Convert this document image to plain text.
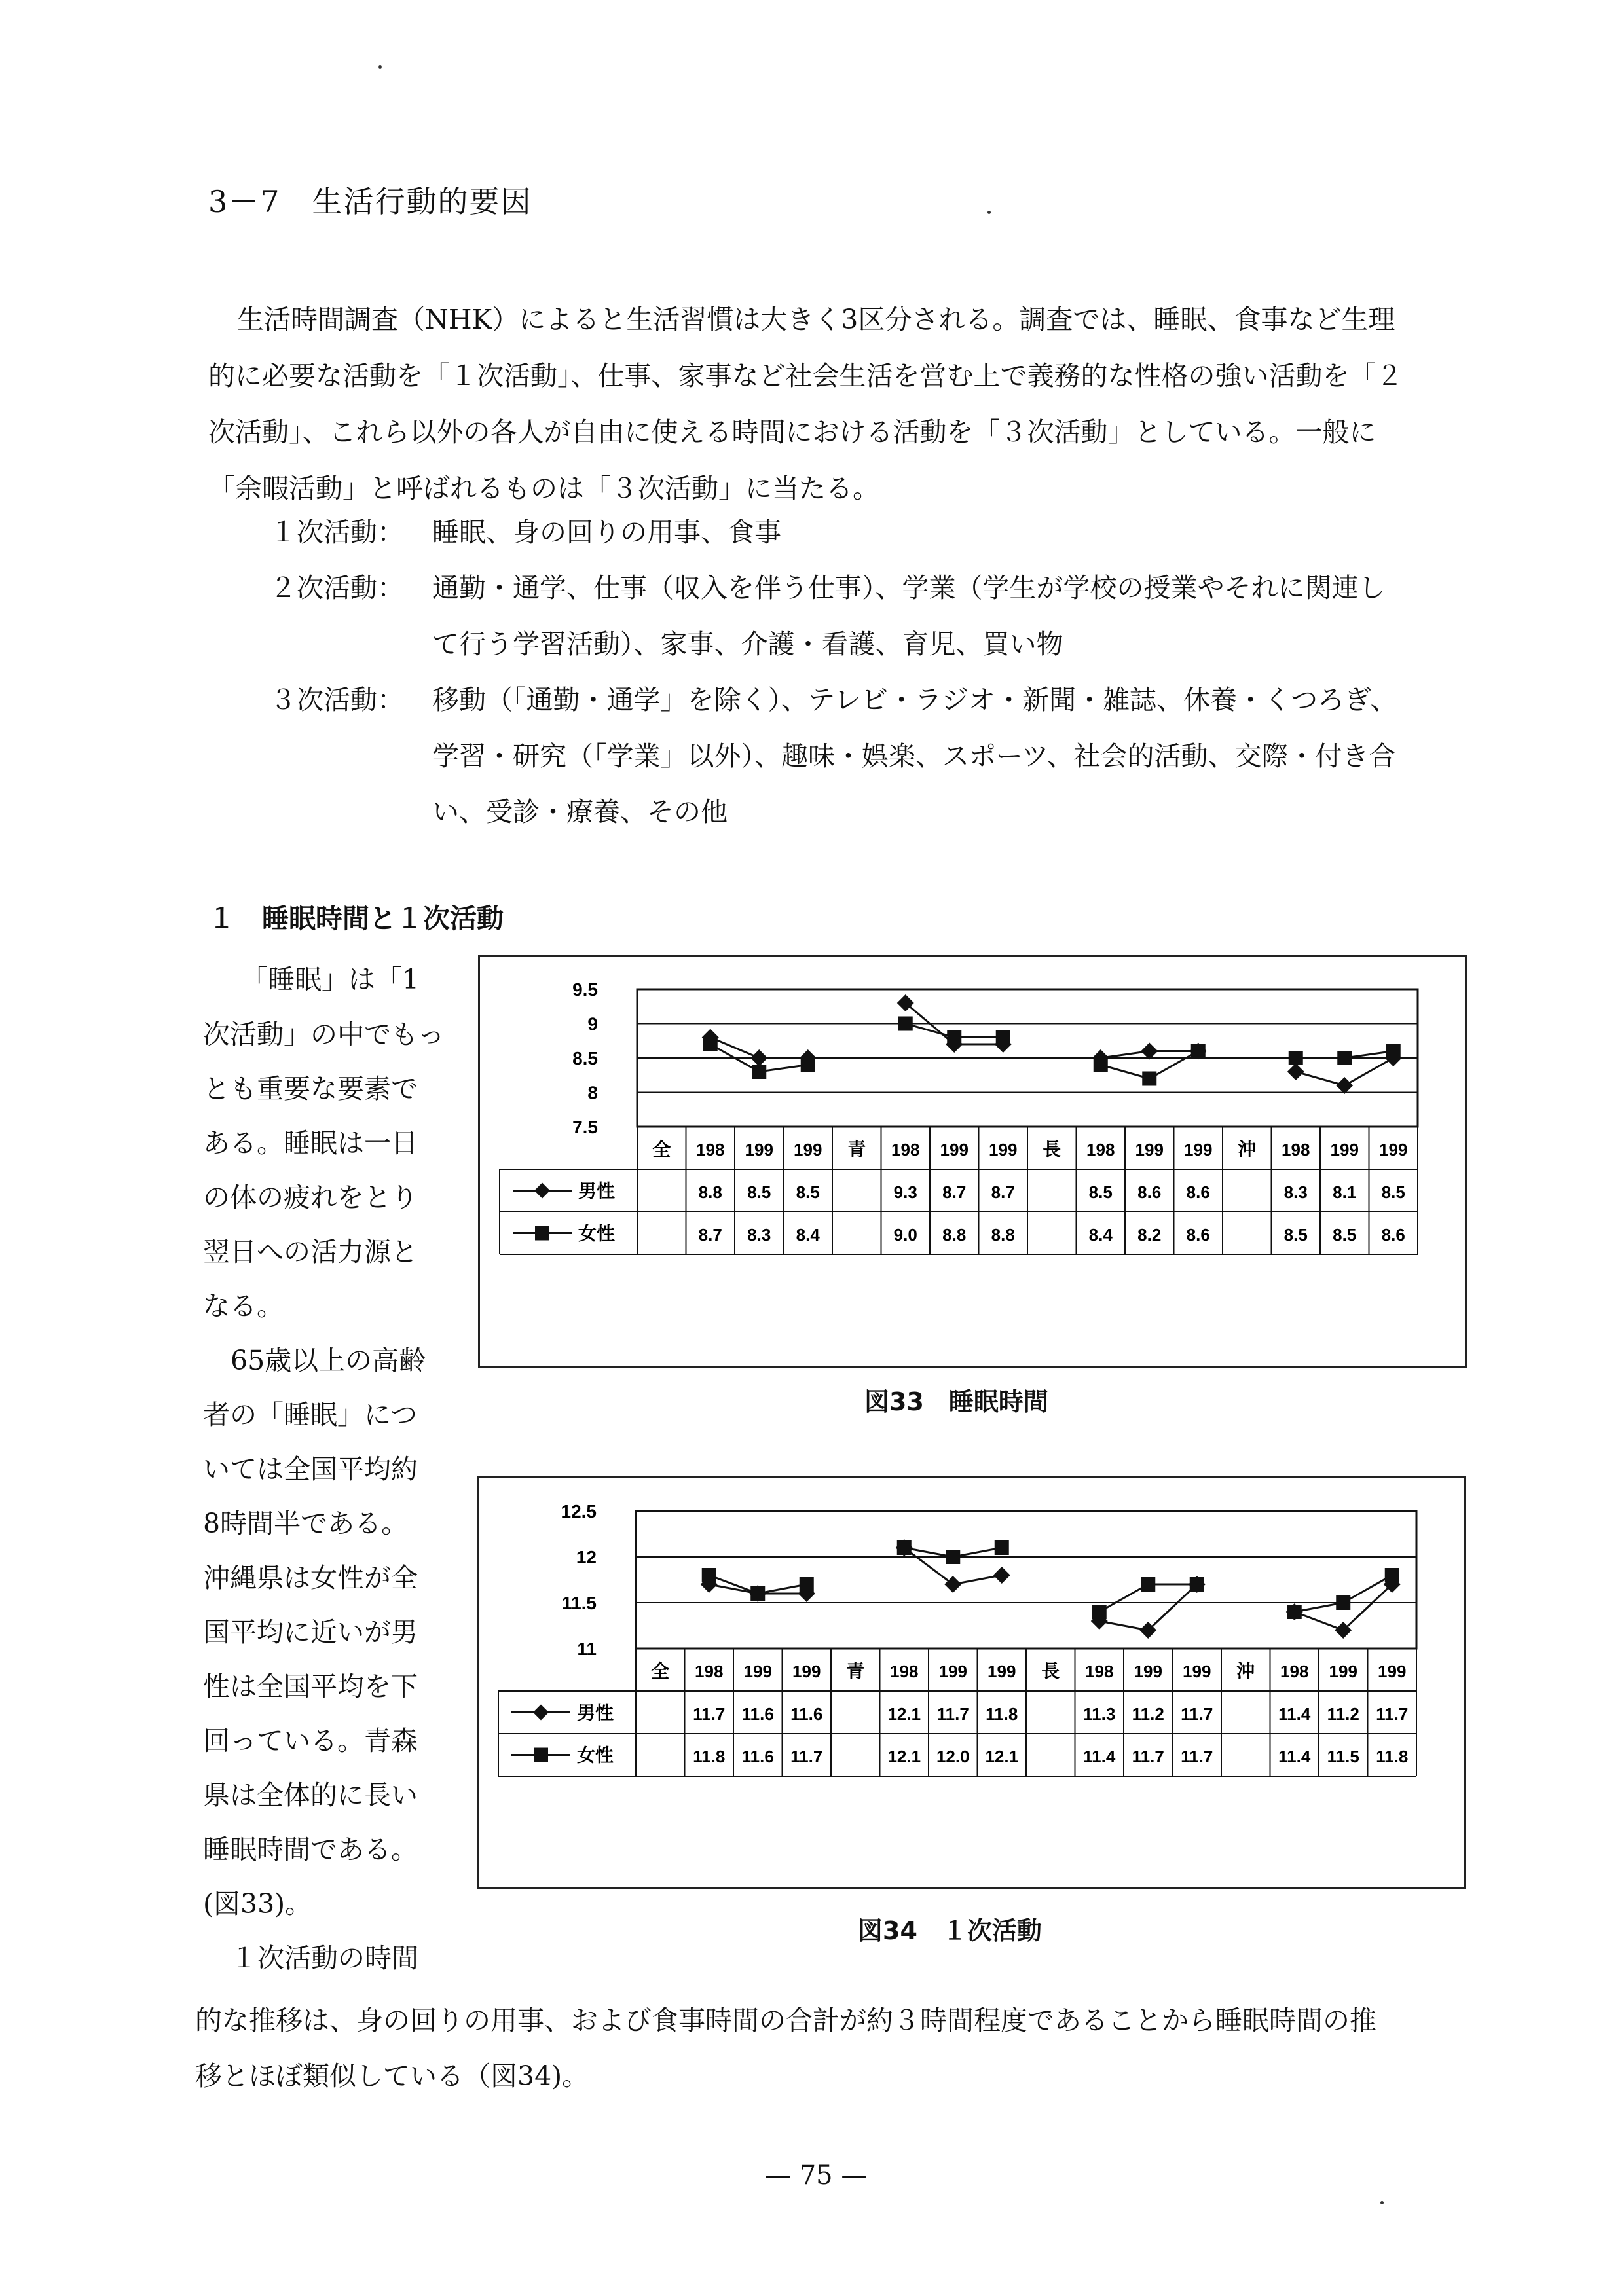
3－7　生活行動的要因
生活時間調査（NHK）によると生活習慣は大きく3区分される。調査では、睡眠、食事など生理
的に必要な活動を「１次活動」、仕事、家事など社会生活を営む上で義務的な性格の強い活動を「２
次活動」、これら以外の各人が自由に使える時間における活動を「３次活動」としている。一般に
「余暇活動」と呼ばれるものは「３次活動」に当たる。
１次活動： 睡眠、身の回りの用事、食事
２次活動： 通勤・通学、仕事（収入を伴う仕事）、学業（学生が学校の授業やそれに関連し
て行う学習活動）、家事、介護・看護、育児、買い物
３次活動： 移動（「通勤・通学」を除く）、テレビ・ラジオ・新聞・雑誌、休養・くつろぎ、
学習・研究（「学業」以外）、趣味・娯楽、スポーツ、社会的活動、交際・付き合
い、受診・療養、その他
１　睡眠時間と１次活動
「睡眠」は「1
次活動」の中でもっ
とも重要な要素で
ある。睡眠は一日
の体の疲れをとり
翌日への活力源と
なる。
65歳以上の高齢
者の「睡眠」につ
いては全国平均約
8時間半である。
沖縄県は女性が全
国平均に近いが男
性は全国平均を下
回っている。青森
県は全体的に長い
睡眠時間である。
(図33)。
１次活動の時間
9.5
9
8.5
8
7.5
全 198 199 199 青 198 199 199 長 198 199 199 沖 198 199 199
男性	8.8 8.5 8.5	9.3 8.7 8.7	8.5 8.6 8.6	8.3 8.1 8.5
女性	8.7 8.3 8.4	9.0 8.8 8.8	8.4 8.2 8.6	8.5 8.5 8.6
図33　睡眠時間
12.5
12
11.5
11
全 198 199 199 青 198 199 199 長 198 199 199 沖 198 199 199
男性	11.7 11.6 11.6	12.1 11.7 11.8	11.3 11.2 11.7	11.4 11.2 11.7
女性	11.8 11.6 11.7	12.1 12.0 12.1	11.4 11.7 11.7	11.4 11.5 11.8
図34　１次活動
的な推移は、身の回りの用事、および食事時間の合計が約３時間程度であることから睡眠時間の推
移とほぼ類似している（図34)。
— 75 —
